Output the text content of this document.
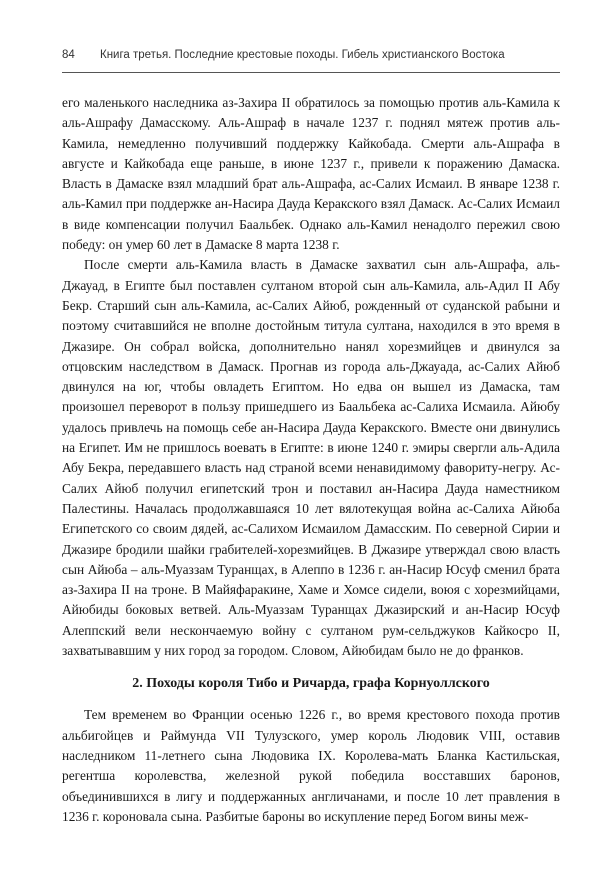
84 Книга третья. Последние крестовые походы. Гибель христианского Востока

его маленького наследника аз-Захира II обратилось за помощью против аль-Камила к аль-Ашрафу Дамасскому. Аль-Ашраф в начале 1237 г. поднял мятеж против аль-Камила, немедленно получивший поддержку Кайкобада. Смерти аль-Ашрафа в августе и Кайкобада еще раньше, в июне 1237 г., привели к поражению Дамаска. Власть в Дамаске взял младший брат аль-Ашрафа, ас-Салих Исмаил. В январе 1238 г. аль-Камил при поддержке ан-Насира Дауда Керакского взял Дамаск. Ас-Салих Исмаил в виде компенсации получил Баальбек. Однако аль-Камил ненадолго пережил свою победу: он умер 60 лет в Дамаске 8 марта 1238 г.

После смерти аль-Камила власть в Дамаске захватил сын аль-Ашрафа, аль-Джауад, в Египте был поставлен султаном второй сын аль-Камила, аль-Адил II Абу Бекр. Старший сын аль-Камила, ас-Салих Айюб, рожденный от суданской рабыни и поэтому считавшийся не вполне достойным титула султана, находился в это время в Джазире. Он собрал войска, дополнительно нанял хорезмийцев и двинулся за отцовским наследством в Дамаск. Прогнав из города аль-Джауада, ас-Салих Айюб двинулся на юг, чтобы овладеть Египтом. Но едва он вышел из Дамаска, там произошел переворот в пользу пришедшего из Баальбека ас-Салиха Исмаила. Айюбу удалось привлечь на помощь себе ан-Насира Дауда Керакского. Вместе они двинулись на Египет. Им не пришлось воевать в Египте: в июне 1240 г. эмиры свергли аль-Адила Абу Бекра, передавшего власть над страной всеми ненавидимому фавориту-негру. Ас-Салих Айюб получил египетский трон и поставил ан-Насира Дауда наместником Палестины. Началась продолжавшаяся 10 лет вялотекущая война ас-Салиха Айюба Египетского со своим дядей, ас-Салихом Исмаилом Дамасским. По северной Сирии и Джазире бродили шайки грабителей-хорезмийцев. В Джазире утверждал свою власть сын Айюба – аль-Муаззам Туранщах, в Алеппо в 1236 г. ан-Насир Юсуф сменил брата аз-Захира II на троне. В Майяфаракине, Хаме и Хомсе сидели, воюя с хорезмийцами, Айюбиды боковых ветвей. Аль-Муаззам Туранщах Джазирский и ан-Насир Юсуф Алеппский вели нескончаемую войну с султаном рум-сельджуков Кайкосро II, захватывавшим у них город за городом. Словом, Айюбидам было не до франков.

2. Походы короля Тибо и Ричарда, графа Корнуоллского

Тем временем во Франции осенью 1226 г., во время крестового похода против альбигойцев и Раймунда VII Тулузского, умер король Людовик VIII, оставив наследником 11-летнего сына Людовика IX. Королева-мать Бланка Кастильская, регентша королевства, железной рукой победила восставших баронов, объединившихся в лигу и поддержанных англичанами, и после 10 лет правления в 1236 г. короновала сына. Разбитые бароны во искупление перед Богом вины меж-
